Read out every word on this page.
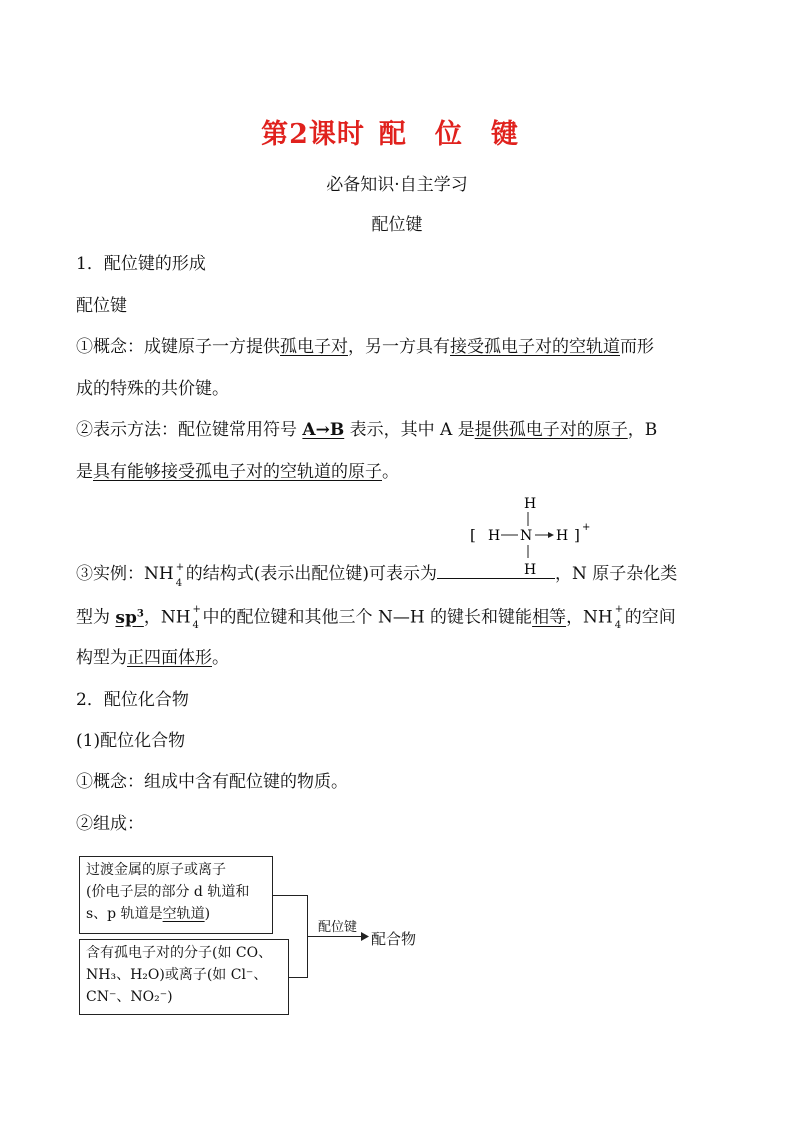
第2课时 配 位 键
必备知识·自主学习
配位键
1．配位键的形成
配位键
①概念：成键原子一方提供孤电子对，另一方具有接受孤电子对的空轨道而形
成的特殊的共价键。
②表示方法：配位键常用符号 A→B 表示，其中 A 是提供孤电子对的原子，B
是具有能够接受孤电子对的空轨道的原子。
H
[ H N H ] +
H
③实例：NH +
4 的结构式(表示出配位键)可表示为	，N 原子杂化类
型为 $sp^3$，NH +
4 中的配位键和其他三个 N—H 的键长和键能相等，NH +
4 的空间
构型为正四面体形。
2．配位化合物
(1)配位化合物
①概念：组成中含有配位键的物质。
②组成：
过渡金属的原子或离子
(价电子层的部分 d 轨道和
s、p 轨道是空轨道)
含有孤电子对的分子(如 CO、
NH₃、H₂O)或离子(如 Cl⁻、
CN⁻、NO₂⁻)
配位键
配合物
